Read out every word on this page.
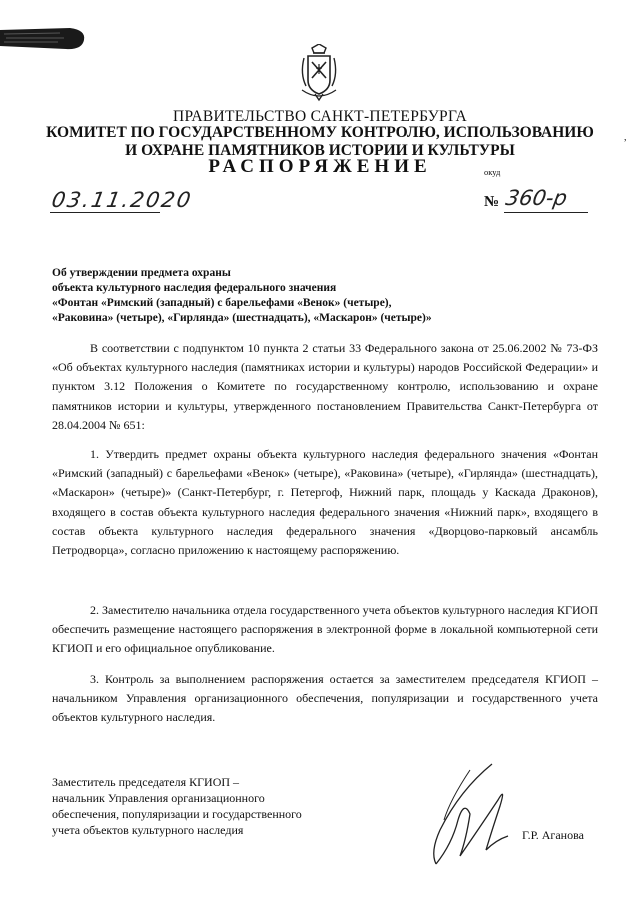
ПРАВИТЕЛЬСТВО САНКТ-ПЕТЕРБУРГА
КОМИТЕТ ПО ГОСУДАРСТВЕННОМУ КОНТРОЛЮ, ИСПОЛЬЗОВАНИЮ
И ОХРАНЕ ПАМЯТНИКОВ ИСТОРИИ И КУЛЬТУРЫ
РАСПОРЯЖЕНИЕ	окуд
,
03.11.2020	№ 360-р
Об утверждении предмета охраны
объекта культурного наследия федерального значения
«Фонтан «Римский (западный) с барельефами «Венок» (четыре),
«Раковина» (четыре), «Гирлянда» (шестнадцать), «Маскарон» (четыре)»

В соответствии с подпунктом 10 пункта 2 статьи 33 Федерального закона от 25.06.2002 № 73-ФЗ «Об объектах культурного наследия (памятниках истории и культуры) народов Российской Федерации» и пунктом 3.12 Положения о Комитете по государственному контролю, использованию и охране памятников истории и культуры, утвержденного постановлением Правительства Санкт-Петербурга от 28.04.2004 № 651:

1. Утвердить предмет охраны объекта культурного наследия федерального значения «Фонтан «Римский (западный) с барельефами «Венок» (четыре), «Раковина» (четыре), «Гирлянда» (шестнадцать), «Маскарон» (четыре)» (Санкт-Петербург, г. Петергоф, Нижний парк, площадь у Каскада Драконов), входящего в состав объекта культурного наследия федерального значения «Нижний парк», входящего в состав объекта культурного наследия федерального значения «Дворцово-парковый ансамбль Петродворца», согласно приложению к настоящему распоряжению.

2. Заместителю начальника отдела государственного учета объектов культурного наследия КГИОП обеспечить размещение настоящего распоряжения в электронной форме в локальной компьютерной сети КГИОП и его официальное опубликование.

3. Контроль за выполнением распоряжения остается за заместителем председателя КГИОП – начальником Управления организационного обеспечения, популяризации и государственного учета объектов культурного наследия.

Заместитель председателя КГИОП –
начальник Управления организационного
обеспечения, популяризации и государственного
учета объектов культурного наследия	Г.Р. Аганова
